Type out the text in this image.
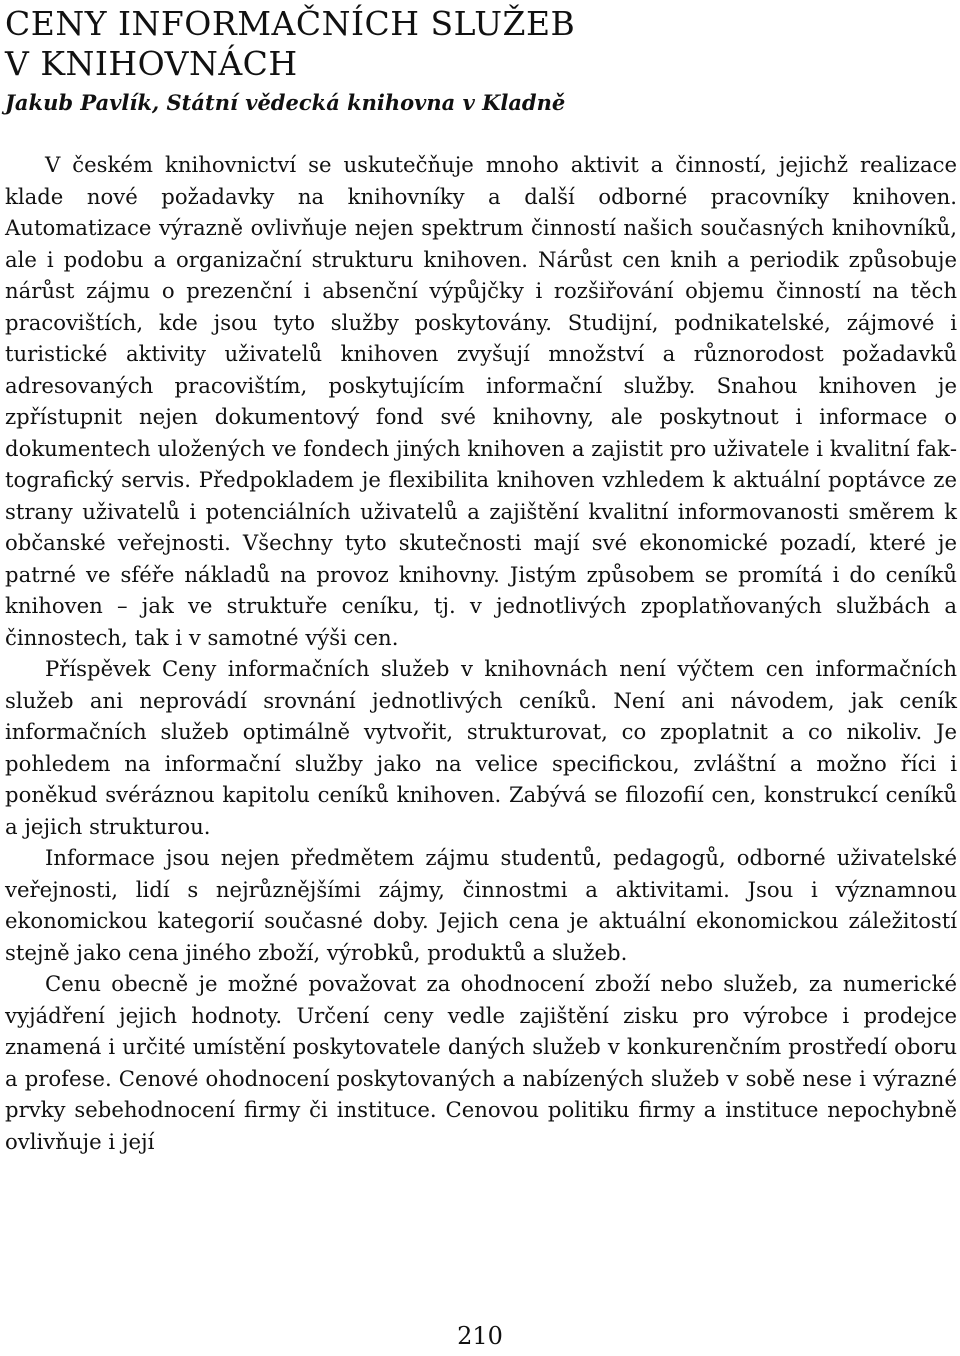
CENY INFORMAČNÍCH SLUŽEB
V KNIHOVNÁCH
Jakub Pavlík, Státní vědecká knihovna v Kladně

V českém knihovnictví se uskutečňuje mnoho aktivit a činností, jejichž realizace klade nové požadavky na knihovníky a další odborné pracovníky knihoven. Automatizace výrazně ovlivňuje nejen spektrum činností našich současných knihovníků, ale i podobu a organizační strukturu knihoven. Nárůst cen knih a periodik způsobuje nárůst zájmu o prezenční i absenční výpůjčky i rozšiřování objemu činností na těch pracovištích, kde jsou tyto služby poskytovány. Studijní, podnikatelské, zájmové i turistické aktivity uživatelů knihoven zvyšují množství a různorodost požadavků adresovaných pracovištím, poskytujícím informační služby. Snahou knihoven je zpřístupnit nejen dokumentový fond své knihovny, ale poskytnout i informace o dokumentech uložených ve fondech jiných knihoven a zajistit pro uživatele i kvalitní faktografický servis. Předpokladem je flexibilita knihoven vzhledem k aktuální poptávce ze strany uživatelů i potenciálních uživatelů a zajištění kvalitní informovanosti směrem k občanské veřejnosti. Všechny tyto skutečnosti mají své ekonomické pozadí, které je patrné ve sféře nákladů na provoz knihovny. Jistým způsobem se promítá i do ceníků knihoven – jak ve struktuře ceníku, tj. v jednotlivých zpoplatňovaných službách a činnostech, tak i v samotné výši cen.

Příspěvek Ceny informačních služeb v knihovnách není výčtem cen informačních služeb ani neprovádí srovnání jednotlivých ceníků. Není ani návodem, jak ceník informačních služeb optimálně vytvořit, strukturovat, co zpoplatnit a co nikoliv. Je pohledem na informační služby jako na velice specifickou, zvláštní a možno říci i poněkud svéráznou kapitolu ceníků knihoven. Zabývá se filozofií cen, konstrukcí ceníků a jejich strukturou.

Informace jsou nejen předmětem zájmu studentů, pedagogů, odborné uživatelské veřejnosti, lidí s nejrůznějšími zájmy, činnostmi a aktivitami. Jsou i významnou ekonomickou kategorií současné doby. Jejich cena je aktuální ekonomickou záležitostí stejně jako cena jiného zboží, výrobků, produktů a služeb.

Cenu obecně je možné považovat za ohodnocení zboží nebo služeb, za numerické vyjádření jejich hodnoty. Určení ceny vedle zajištění zisku pro výrobce i prodejce znamená i určité umístění poskytovatele daných služeb v konkurenčním prostředí oboru a profese. Cenové ohodnocení poskytovaných a nabízených služeb v sobě nese i výrazné prvky sebehodnocení firmy či instituce. Cenovou politiku firmy a instituce nepochybně ovlivňuje i její

210
